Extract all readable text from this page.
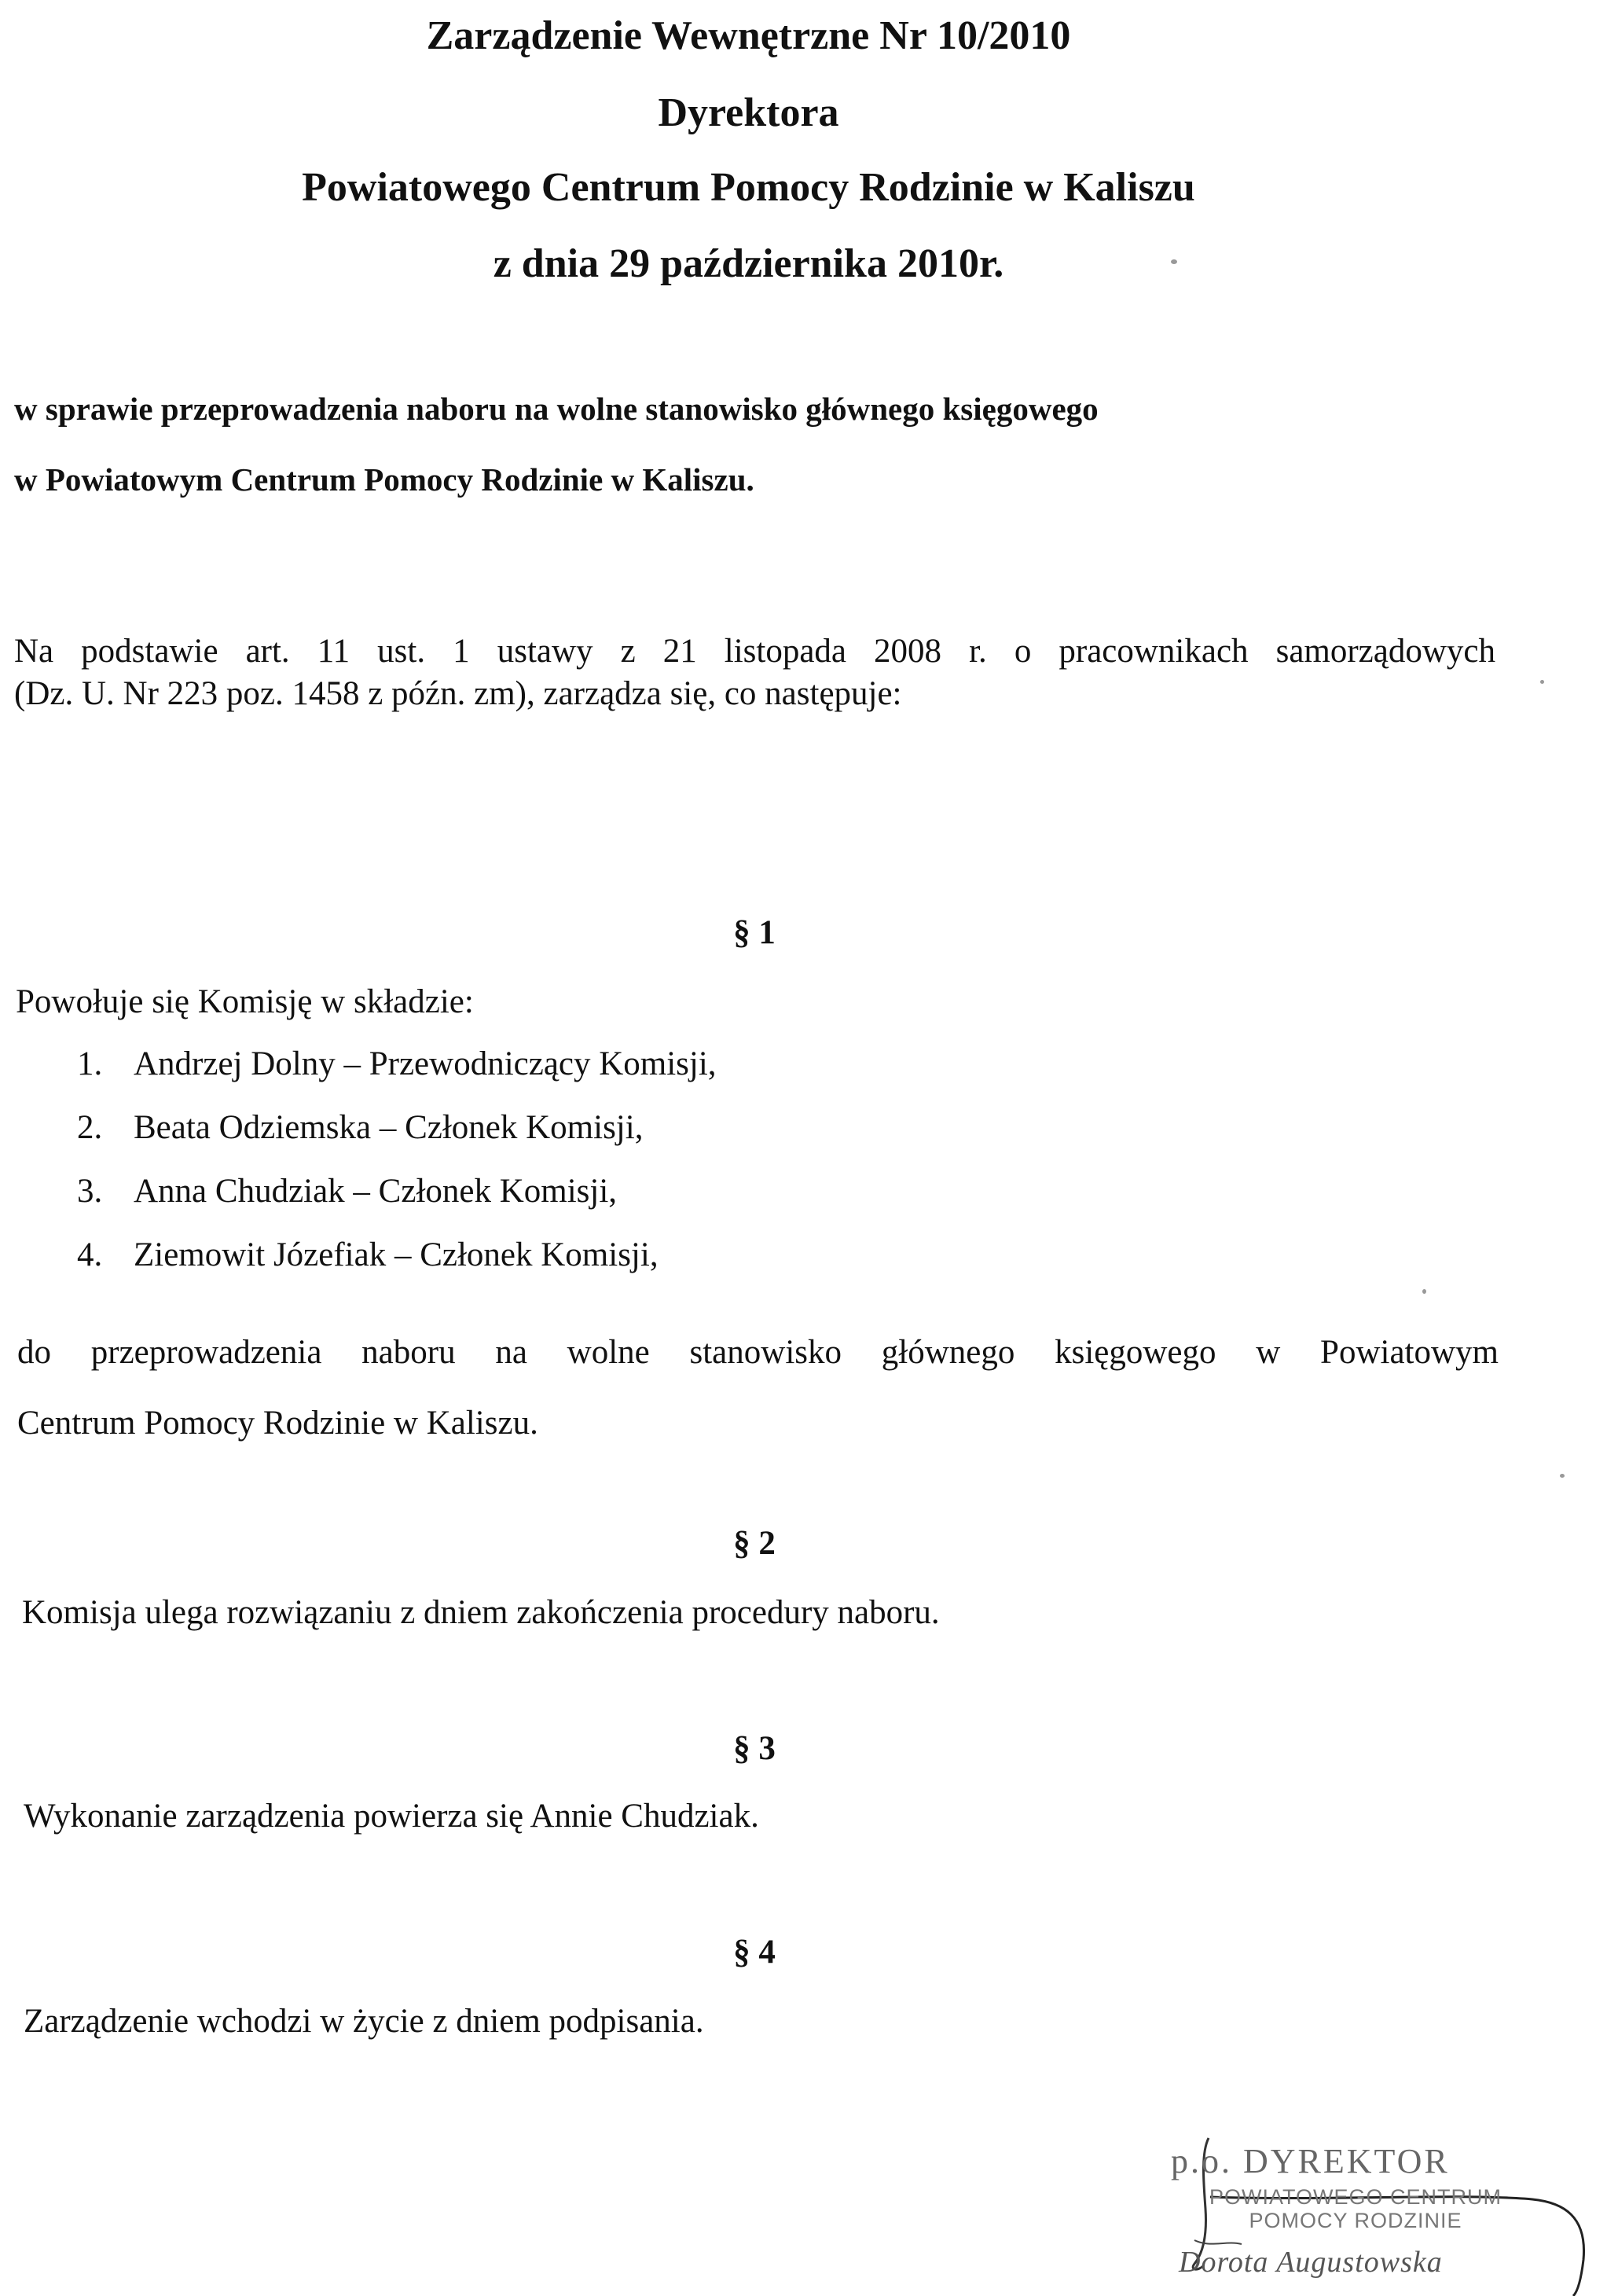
Zarządzenie Wewnętrzne Nr 10/2010
Dyrektora
Powiatowego Centrum Pomocy Rodzinie w Kaliszu
z dnia 29 października 2010r.
w sprawie przeprowadzenia naboru na wolne stanowisko głównego księgowego
w Powiatowym Centrum Pomocy Rodzinie w Kaliszu.
Na podstawie art. 11 ust. 1 ustawy z 21 listopada 2008 r. o pracownikach samorządowych
(Dz. U. Nr 223 poz. 1458 z późn. zm), zarządza się, co następuje:
§ 1
Powołuje się Komisję w składzie:
1. Andrzej Dolny – Przewodniczący Komisji,
2. Beata Odziemska – Członek Komisji,
3. Anna Chudziak – Członek Komisji,
4. Ziemowit Józefiak – Członek Komisji,
do przeprowadzenia naboru na wolne stanowisko głównego księgowego w Powiatowym
Centrum Pomocy Rodzinie w Kaliszu.
§ 2
Komisja ulega rozwiązaniu z dniem zakończenia procedury naboru.
§ 3
Wykonanie zarządzenia powierza się Annie Chudziak.
§ 4
Zarządzenie wchodzi w życie z dniem podpisania.
p.o. DYREKTOR
POWIATOWEGO CENTRUM
POMOCY RODZINIE
Dorota Augustowska
